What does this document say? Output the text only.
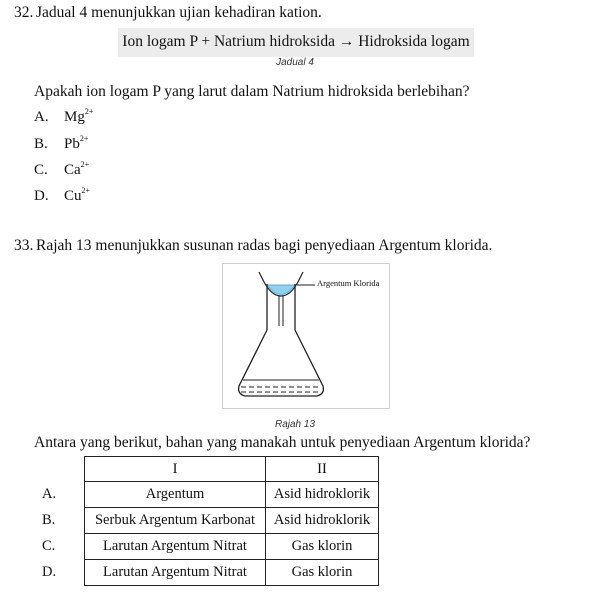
32. Jadual 4 menunjukkan ujian kehadiran kation.
Ion logam P + Natrium hidroksida → Hidroksida logam
Jadual 4
Apakah ion logam P yang larut dalam Natrium hidroksida berlebihan?
A. $Mg^{2+}$
B. $Pb^{2+}$
C. $Ca^{2+}$
D. $Cu^{2+}$
33. Rajah 13 menunjukkan susunan radas bagi penyediaan Argentum klorida.
Argentum Klorida
Rajah 13
Antara yang berikut, bahan yang manakah untuk penyediaan Argentum klorida?
	I	II
A.	Argentum	Asid hidroklorik
B.	Serbuk Argentum Karbonat	Asid hidroklorik
C.	Larutan Argentum Nitrat	Gas klorin
D.	Larutan Argentum Nitrat	Gas klorin
